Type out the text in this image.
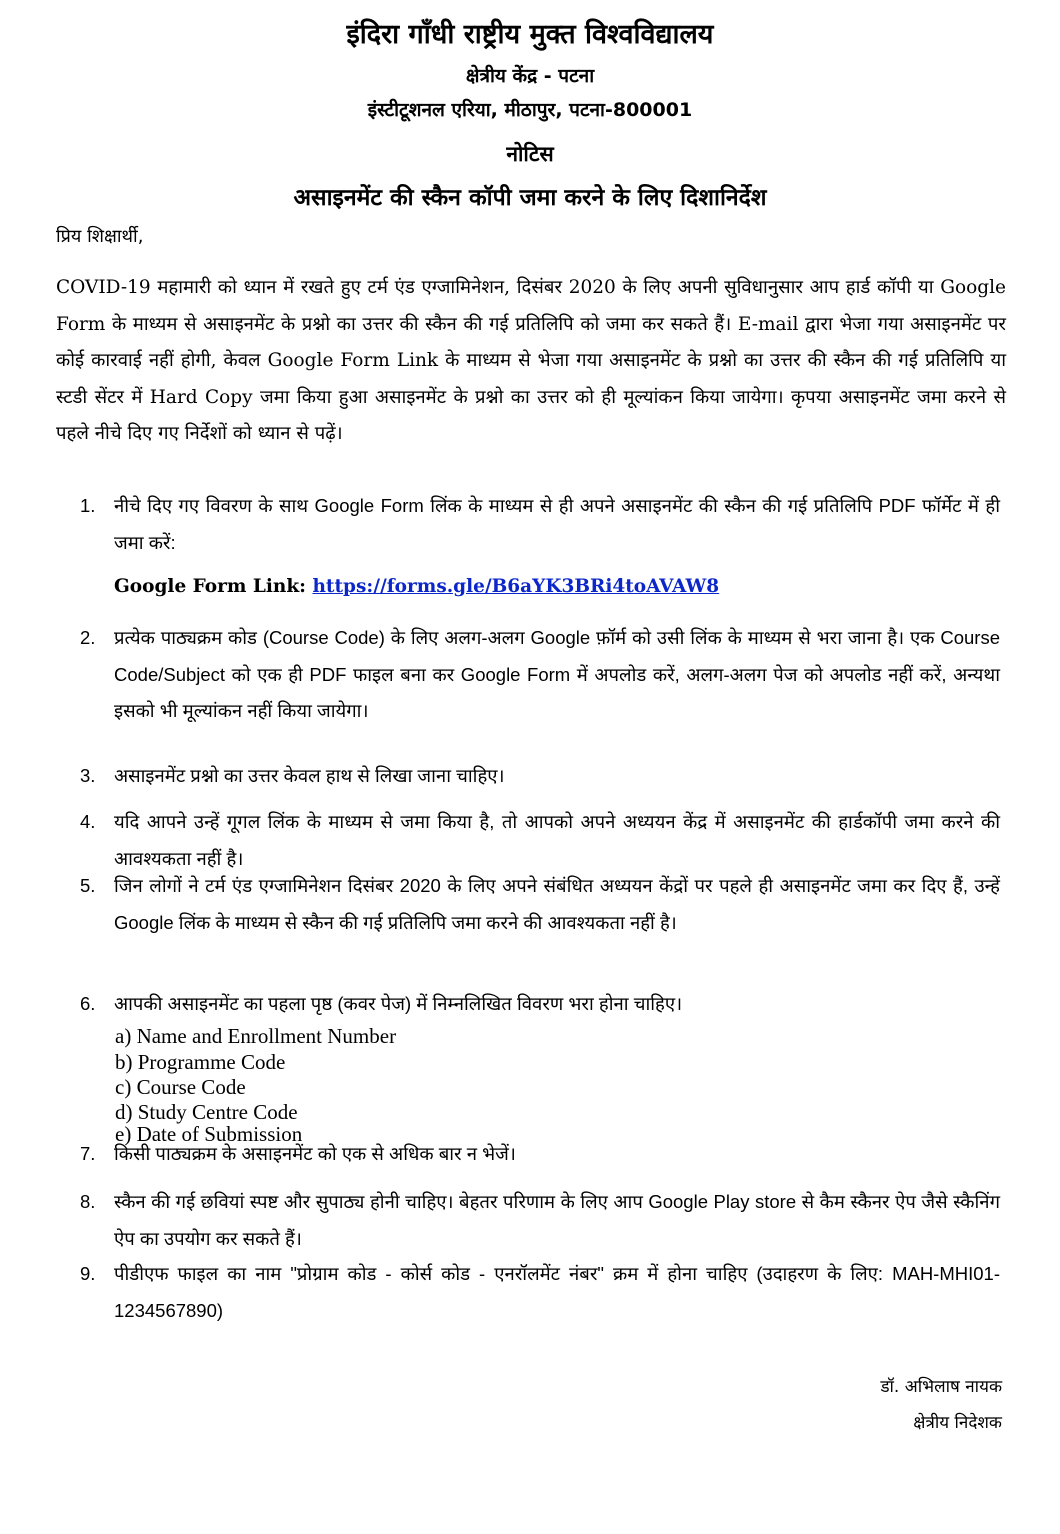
इंदिरा गाँधी राष्ट्रीय मुक्त विश्वविद्यालय
क्षेत्रीय केंद्र - पटना
इंस्टीटूशनल एरिया, मीठापुर, पटना-800001
नोटिस
असाइनमेंट की स्कैन कॉपी जमा करने के लिए दिशानिर्देश
प्रिय शिक्षार्थी,
COVID-19 महामारी को ध्यान में रखते हुए टर्म एंड एग्जामिनेशन, दिसंबर 2020 के लिए अपनी सुविधानुसार आप हार्ड कॉपी या Google Form के माध्यम से असाइनमेंट के प्रश्नो का उत्तर की स्कैन की गई प्रतिलिपि को जमा कर सकते हैं। E-mail द्वारा भेजा गया असाइनमेंट पर कोई कारवाई नहीं होगी, केवल Google Form Link के माध्यम से भेजा गया असाइनमेंट के प्रश्नो का उत्तर की स्कैन की गई प्रतिलिपि या स्टडी सेंटर में Hard Copy जमा किया हुआ असाइनमेंट के प्रश्नो का उत्तर को ही मूल्यांकन किया जायेगा। कृपया असाइनमेंट जमा करने से पहले नीचे दिए गए निर्देशों को ध्यान से पढ़ें।
1.	नीचे दिए गए विवरण के साथ Google Form लिंक के माध्यम से ही अपने असाइनमेंट की स्कैन की गई प्रतिलिपि PDF फॉर्मेट में ही जमा करें:
2.	प्रत्येक पाठ्यक्रम कोड (Course Code) के लिए अलग-अलग Google फ़ॉर्म को उसी लिंक के माध्यम से भरा जाना है। एक Course Code/Subject को एक ही PDF फाइल बना कर Google Form में अपलोड करें, अलग-अलग पेज को अपलोड नहीं करें, अन्यथा इसको भी मूल्यांकन नहीं किया जायेगा।
3.	असाइनमेंट प्रश्नो का उत्तर केवल हाथ से लिखा जाना चाहिए।
4.	यदि आपने उन्हें गूगल लिंक के माध्यम से जमा किया है, तो आपको अपने अध्ययन केंद्र में असाइनमेंट की हार्डकॉपी जमा करने की आवश्यकता नहीं है।
5.	जिन लोगों ने टर्म एंड एग्जामिनेशन दिसंबर 2020 के लिए अपने संबंधित अध्ययन केंद्रों पर पहले ही असाइनमेंट जमा कर दिए हैं, उन्हें Google लिंक के माध्यम से स्कैन की गई प्रतिलिपि जमा करने की आवश्यकता नहीं है।
6.	आपकी असाइनमेंट का पहला पृष्ठ (कवर पेज) में निम्नलिखित विवरण भरा होना चाहिए।
7.	किसी पाठ्यक्रम के असाइनमेंट को एक से अधिक बार न भेजें।
8.	स्कैन की गई छवियां स्पष्ट और सुपाठ्य होनी चाहिए। बेहतर परिणाम के लिए आप Google Play store से कैम स्कैनर ऐप जैसे स्कैनिंग ऐप का उपयोग कर सकते हैं।
9.	पीडीएफ फाइल का नाम "प्रोग्राम कोड - कोर्स कोड - एनरॉलमेंट नंबर" क्रम में होना चाहिए (उदाहरण के लिए: MAH-MHI01-1234567890)
Google Form Link: https://forms.gle/B6aYK3BRi4toAVAW8
a) Name and Enrollment Number
b) Programme Code
c) Course Code
d) Study Centre Code
e) Date of Submission
डॉ. अभिलाष नायक
क्षेत्रीय निदेशक
